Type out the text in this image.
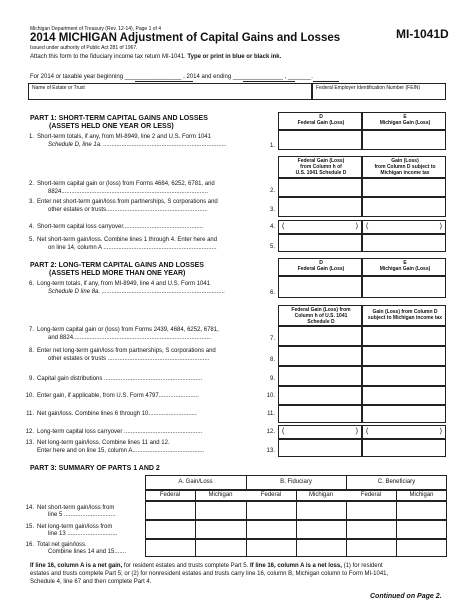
Michigan Department of Treasury (Rev. 12-14), Page 1 of 4
2014 MICHIGAN Adjustment of Capital Gains and Losses
Issued under authority of Public Act 281 of 1967.
Attach this form to the fiduciary income tax return MI-1041. Type or print in blue or black ink.
MI-1041D
For 2014 or taxable year beginning _________________ , 2014 and ending _______________ , _______.
Name of Estate or Trust	Federal Employer Identification Number (FEIN)
PART 1: SHORT-TERM CAPITAL GAINS AND LOSSES
(ASSETS HELD ONE YEAR OR LESS)
D
Federal Gain (Loss)
E
Michigan Gain (Loss)
1. Short-term totals, if any, from MI-8949, line 2 and U.S. Form 1041
Schedule D, line 1a. ..........................................................................	1.
Federal Gain (Loss)
from Column h of
U.S. 1041 Schedule D
Gain (Loss)
from Column D subject to
Michigan income tax
2. Short-term capital gain or (loss) from Forms 4684, 6252, 6781, and
8824........................................................................................	2.
3. Enter net short-term gain/loss from partnerships, S corporations and
other estates or trusts.............................................................	3.
4. Short-term capital loss carryover................................................	4. (	) (	)
5. Net short-term gain/loss. Combine lines 1 through 4. Enter here and
on line 14, column A ....................................................................	5.
PART 2: LONG-TERM CAPITAL GAINS AND LOSSES
(ASSETS HELD MORE THAN ONE YEAR)
D
Federal Gain (Loss)
E
Michigan Gain (Loss)
6. Long-term totals, if any, from MI-8949, line 4 and U.S. Form 1041
Schedule D line 8a. ..........................................................................	6.
Federal Gain (Loss) from
Column h of U.S. 1041
Schedule D
Gain (Loss) from Column D
subject to Michigan income tax
7. Long-term capital gain or (loss) from Forms 2439, 4684, 6252, 6781,
and 8824...................................................................................	7.
8. Enter net long-term gain/loss from partnerships, S corporations and
other estates or trusts .............................................................	8.
9. Capital gain distributions ...........................................................	9.
10. Enter gain, if applicable, from U.S. Form 4797........................	10.
11. Net gain/loss. Combine lines 6 through 10.............................	11.
12. Long-term capital loss carryover ...............................................	12. (	) (	)
13. Net long-term gain/loss. Combine lines 11 and 12.
Enter here and on line 15, column A...........................................	13.
PART 3: SUMMARY OF PARTS 1 AND 2
A. Gain/Loss	B. Fiduciary	C. Beneficiary
Federal	Michigan	Federal	Michigan	Federal	Michigan
14. Net short-term gain/loss from
line 5 ...............................
15. Net long-term gain/loss from
line 13 ..............................
16. Total net gain/loss.
Combine lines 14 and 15.......
If line 16, column A is a net gain, for resident estates and trusts complete Part 5. If line 16, column A is a net loss, (1) for resident
estates and trusts complete Part 5; or (2) for nonresident estates and trusts carry line 16, column B, Michigan column to Form MI-1041,
Schedule 4, line 67 and then complete Part 4.
Continued on Page 2.
